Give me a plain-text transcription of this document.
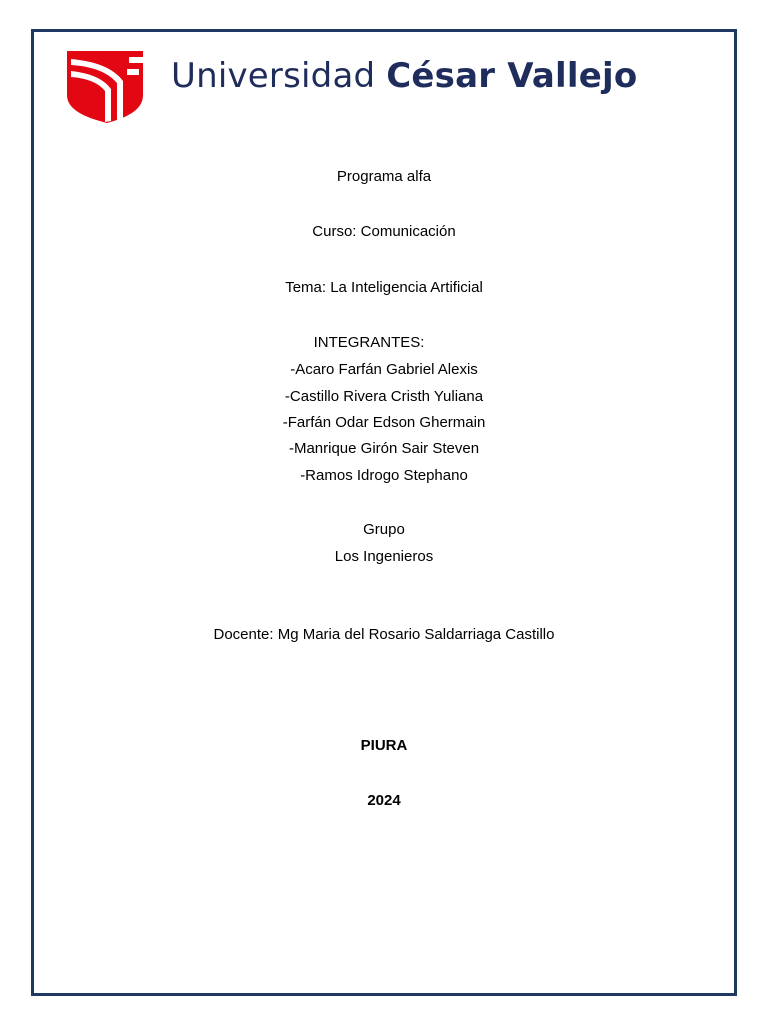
Universidad César Vallejo
Programa alfa
Curso: Comunicación
Tema: La Inteligencia Artificial
INTEGRANTES:
-Acaro Farfán Gabriel Alexis
-Castillo Rivera Cristh Yuliana
-Farfán Odar Edson Ghermain
-Manrique Girón Sair Steven
-Ramos Idrogo Stephano
Grupo
Los Ingenieros
Docente: Mg Maria del Rosario Saldarriaga Castillo
PIURA
2024
